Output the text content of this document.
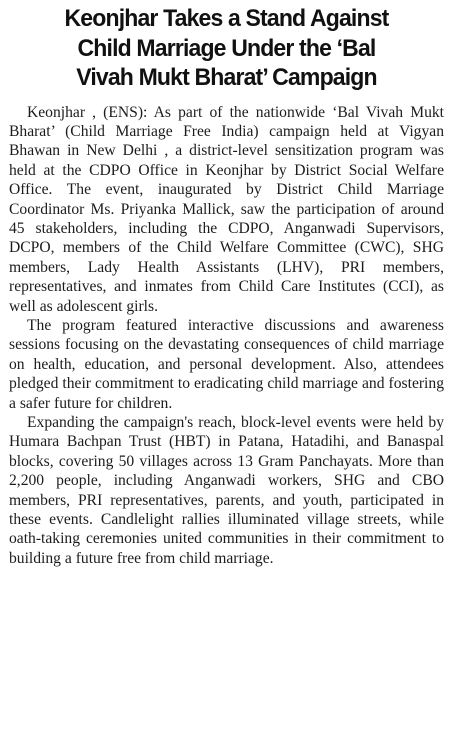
Keonjhar Takes a Stand Against
Child Marriage Under the ‘Bal
Vivah Mukt Bharat’ Campaign

Keonjhar , (ENS): As part of the nationwide ‘Bal Vivah Mukt Bharat’ (Child Marriage Free India) campaign held at Vigyan Bhawan in New Delhi , a district-level sensitization program was held at the CDPO Office in Keonjhar by District Social Welfare Office. The event, inaugurated by District Child Marriage Coordinator Ms. Priyanka Mallick, saw the participation of around 45 stakeholders, including the CDPO, Anganwadi Supervisors, DCPO, members of the Child Welfare Committee (CWC), SHG members, Lady Health Assistants (LHV), PRI members, representatives, and inmates from Child Care Institutes (CCI), as well as adolescent girls.

The program featured interactive discussions and awareness sessions focusing on the devastating consequences of child marriage on health, education, and personal development. Also, attendees pledged their commitment to eradicating child marriage and fostering a safer future for children.

Expanding the campaign's reach, block-level events were held by Humara Bachpan Trust (HBT) in Patana, Hatadihi, and Banaspal blocks, covering 50 villages across 13 Gram Panchayats. More than 2,200 people, including Anganwadi workers, SHG and CBO members, PRI representatives, parents, and youth, participated in these events. Candlelight rallies illuminated village streets, while oath-taking ceremonies united communities in their commitment to building a future free from child marriage.
